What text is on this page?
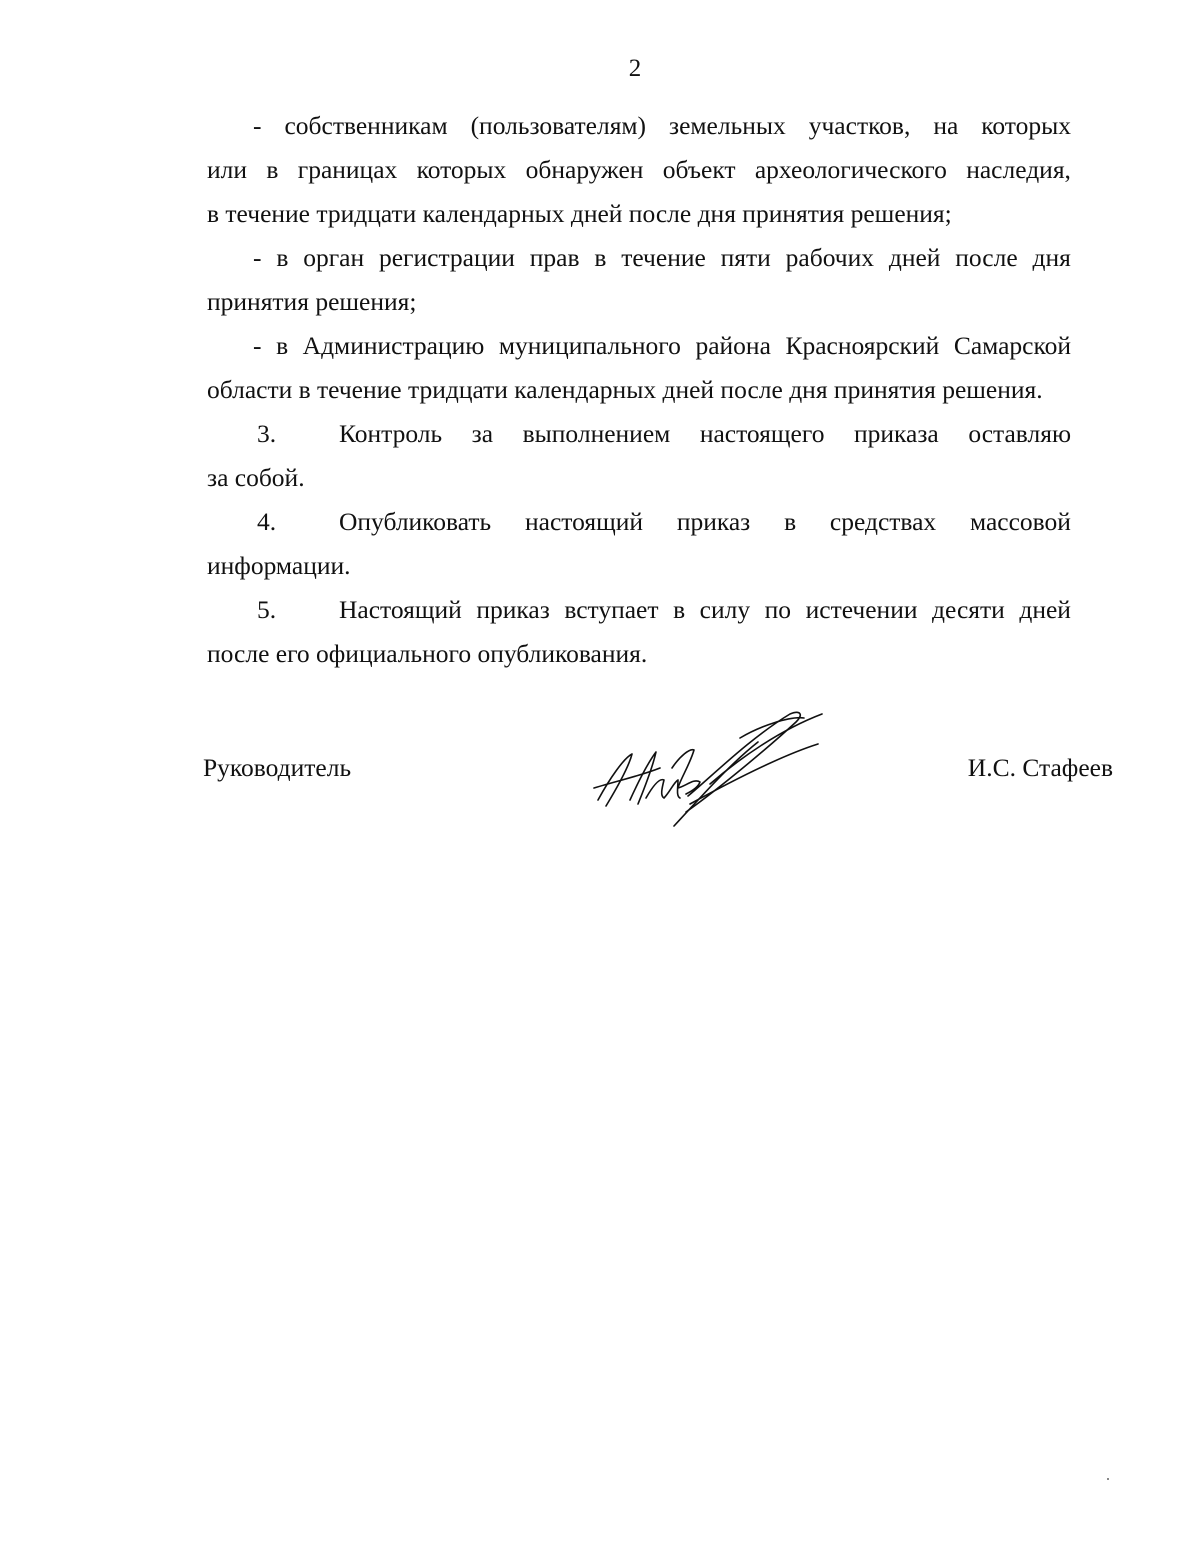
2
- собственникам (пользователям) земельных участков, на которых
или в границах которых обнаружен объект археологического наследия,
в течение тридцати календарных дней после дня принятия решения;
- в орган регистрации прав в течение пяти рабочих дней после дня
принятия решения;
- в Администрацию муниципального района Красноярский Самарской
области в течение тридцати календарных дней после дня принятия решения.
3.	Контроль за выполнением настоящего приказа оставляю
за собой.
4.	Опубликовать настоящий приказ в средствах массовой
информации.
5.	Настоящий приказ вступает в силу по истечении десяти дней
после его официального опубликования.
Руководитель	И.С. Стафеев
